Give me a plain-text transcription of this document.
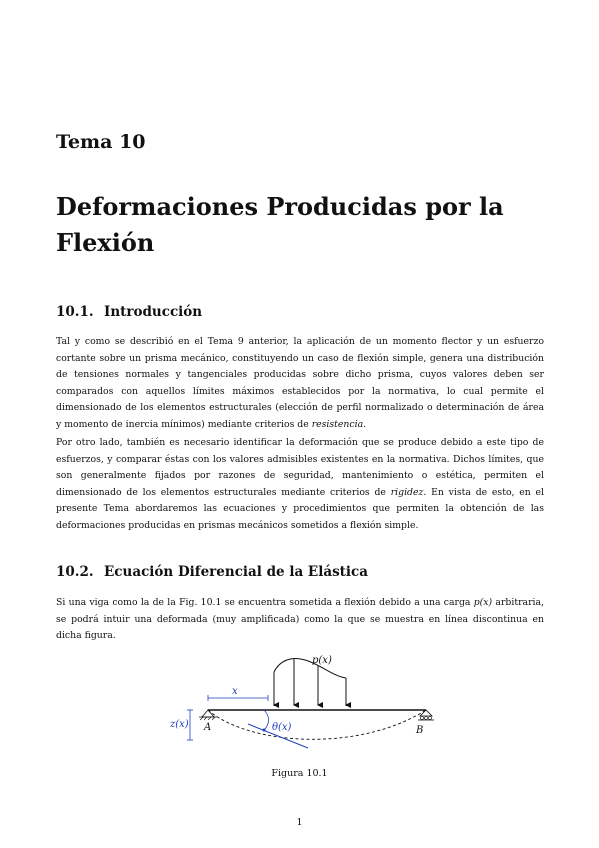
Tema 10
Deformaciones Producidas por la Flexión
10.1. Introducción

Tal y como se describió en el Tema 9 anterior, la aplicación de un momento flector y un esfuerzo cortante sobre un prisma mecánico, constituyendo un caso de flexión simple, genera una distribución de tensiones normales y tangenciales producidas sobre dicho prisma, cuyos valores deben ser comparados con aquellos límites máximos establecidos por la normativa, lo cual permite el dimensionado de los elementos estructurales (elección de perfil normalizado o determinación de área y momento de inercia mínimos) mediante criterios de resistencia.

Por otro lado, también es necesario identificar la deformación que se produce debido a este tipo de esfuerzos, y comparar éstas con los valores admisibles existentes en la normativa. Dichos límites, que son generalmente fijados por razones de seguridad, mantenimiento o estética, permiten el dimensionado de los elementos estructurales mediante criterios de rigidez. En vista de esto, en el presente Tema abordaremos las ecuaciones y procedimientos que permiten la obtención de las deformaciones producidas en prismas mecánicos sometidos a flexión simple.

10.2. Ecuación Diferencial de la Elástica

Si una viga como la de la Fig. 10.1 se encuentra sometida a flexión debido a una carga p(x) arbitraria, se podrá intuir una deformada (muy amplificada) como la que se muestra en línea discontinua en dicha figura.

p(x)
A	B
x
z(x)	θ(x)
Figura 10.1
1
